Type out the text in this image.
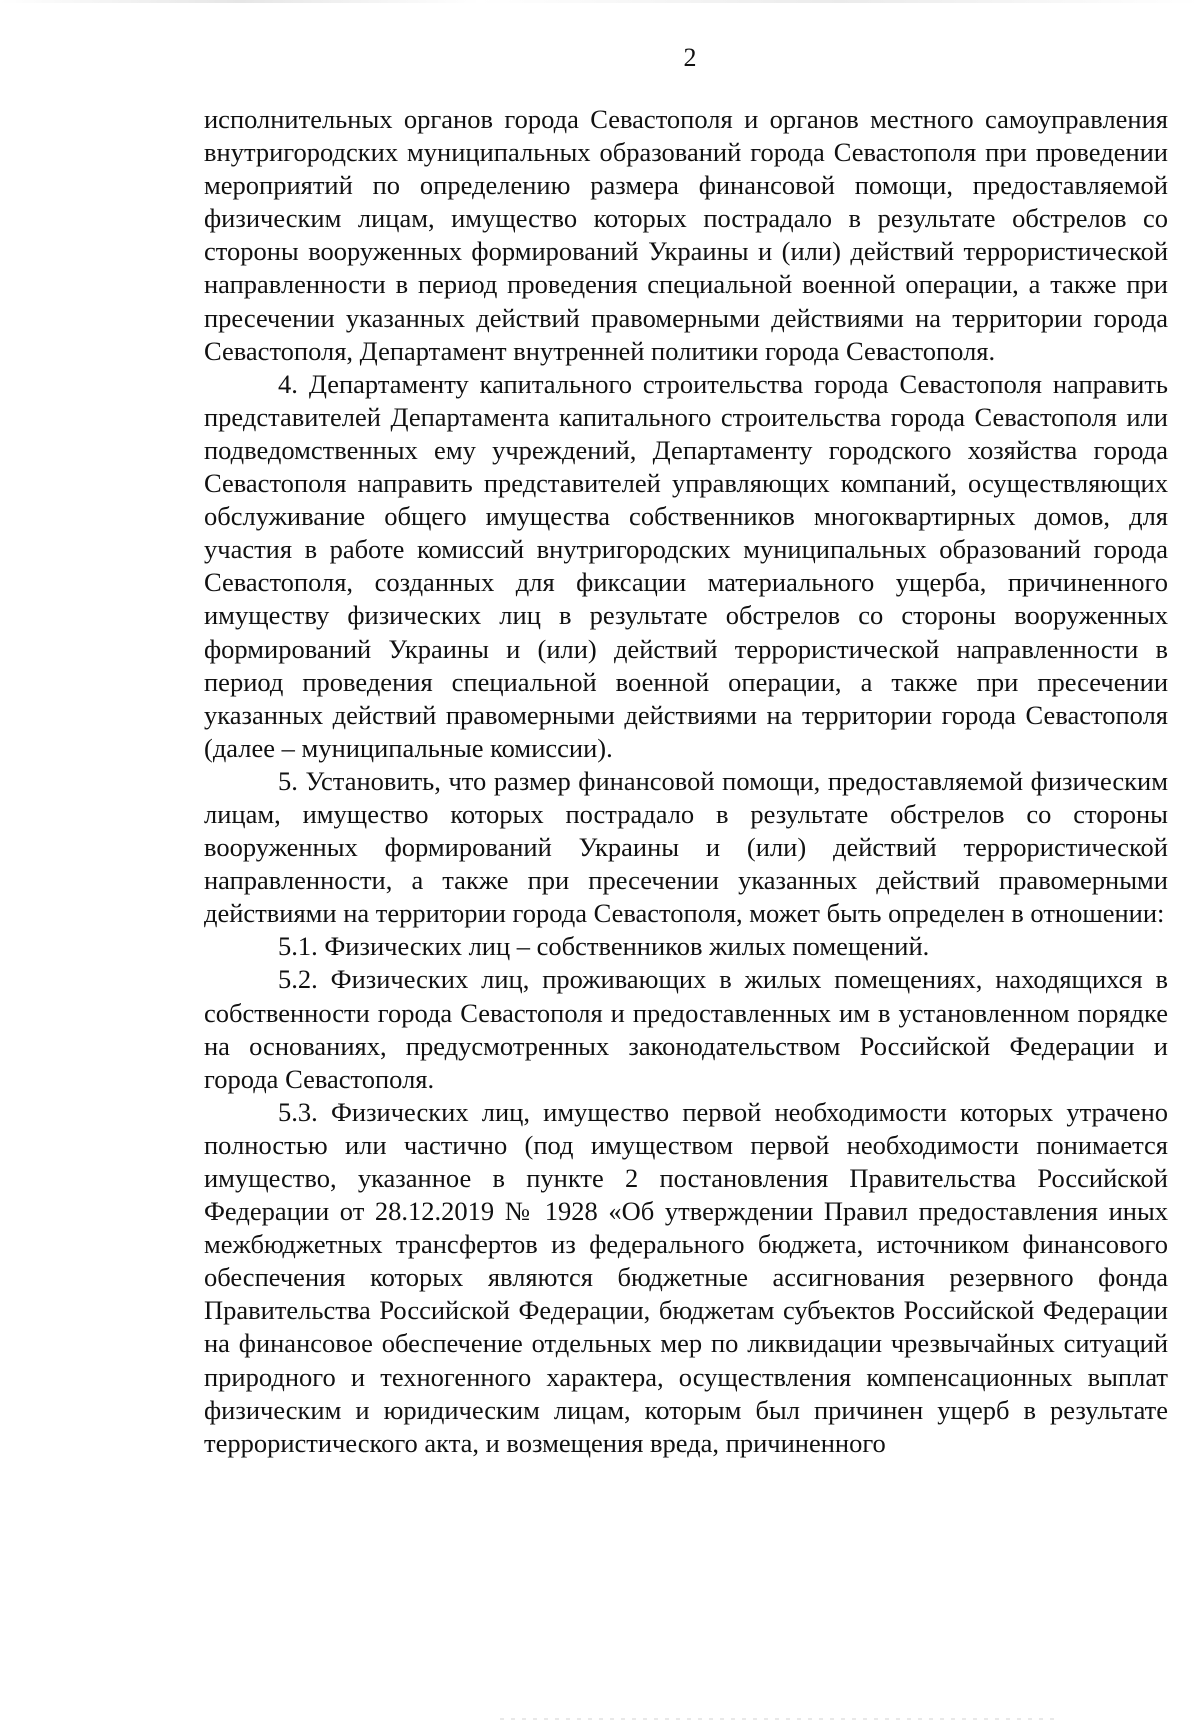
2

исполнительных органов города Севастополя и органов местного самоуправления внутригородских муниципальных образований города Севастополя при проведении мероприятий по определению размера финансовой помощи, предоставляемой физическим лицам, имущество которых пострадало в результате обстрелов со стороны вооруженных формирований Украины и (или) действий террористической направленности в период проведения специальной военной операции, а также при пресечении указанных действий правомерными действиями на территории города Севастополя, Департамент внутренней политики города Севастополя.

4. Департаменту капитального строительства города Севастополя направить представителей Департамента капитального строительства города Севастополя или подведомственных ему учреждений, Департаменту городского хозяйства города Севастополя направить представителей управляющих компаний, осуществляющих обслуживание общего имущества собственников многоквартирных домов, для участия в работе комиссий внутригородских муниципальных образований города Севастополя, созданных для фиксации материального ущерба, причиненного имуществу физических лиц в результате обстрелов со стороны вооруженных формирований Украины и (или) действий террористической направленности в период проведения специальной военной операции, а также при пресечении указанных действий правомерными действиями на территории города Севастополя (далее – муниципальные комиссии).

5. Установить, что размер финансовой помощи, предоставляемой физическим лицам, имущество которых пострадало в результате обстрелов со стороны вооруженных формирований Украины и (или) действий террористической направленности, а также при пресечении указанных действий правомерными действиями на территории города Севастополя, может быть определен в отношении:

5.1. Физических лиц – собственников жилых помещений.

5.2. Физических лиц, проживающих в жилых помещениях, находящихся в собственности города Севастополя и предоставленных им в установленном порядке на основаниях, предусмотренных законодательством Российской Федерации и города Севастополя.

5.3. Физических лиц, имущество первой необходимости которых утрачено полностью или частично (под имуществом первой необходимости понимается имущество, указанное в пункте 2 постановления Правительства Российской Федерации от 28.12.2019 № 1928 «Об утверждении Правил предоставления иных межбюджетных трансфертов из федерального бюджета, источником финансового обеспечения которых являются бюджетные ассигнования резервного фонда Правительства Российской Федерации, бюджетам субъектов Российской Федерации на финансовое обеспечение отдельных мер по ликвидации чрезвычайных ситуаций природного и техногенного характера, осуществления компенсационных выплат физическим и юридическим лицам, которым был причинен ущерб в результате террористического акта, и возмещения вреда, причиненного
